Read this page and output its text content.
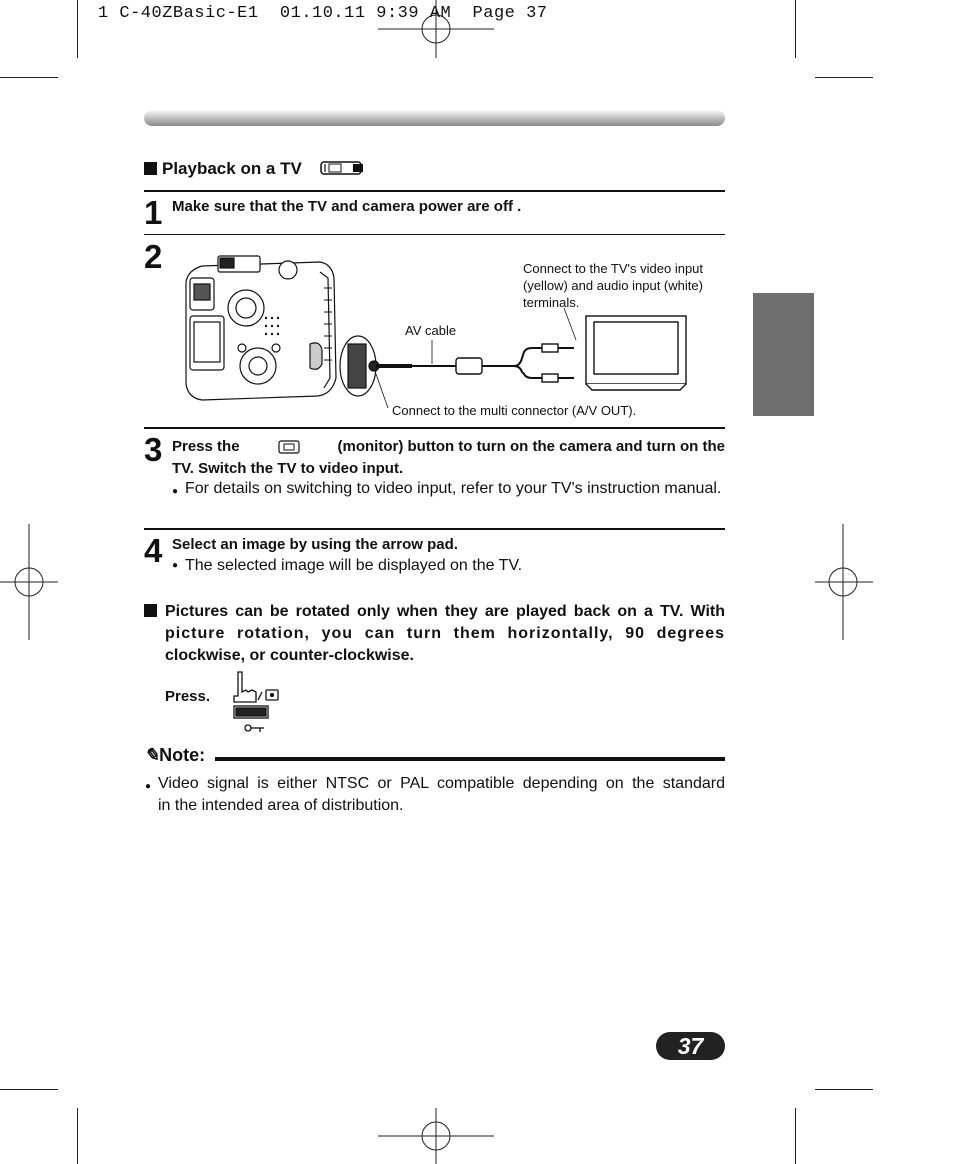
1 C-40ZBasic-E1  01.10.11 9:39 AM  Page 37
Playback on a TV
1 Make sure that the TV and camera power are off .
2	Connect to the TV's video input
(yellow) and audio input (white)
terminals.
AV cable
Connect to the multi connector (A/V OUT).
3 Press the	(monitor) button to turn on the camera and turn on the
TV. Switch the TV to video input.
● For details on switching to video input, refer to your TV's instruction manual.
4 Select an image by using the arrow pad.
● The selected image will be displayed on the TV.
Pictures can be rotated only when they are played back on a TV. With
picture rotation, you can turn them horizontally, 90 degrees
clockwise, or counter-clockwise.
Press.
✎Note:
● Video signal is either NTSC or PAL compatible depending on the standard
in the intended area of distribution.
37
